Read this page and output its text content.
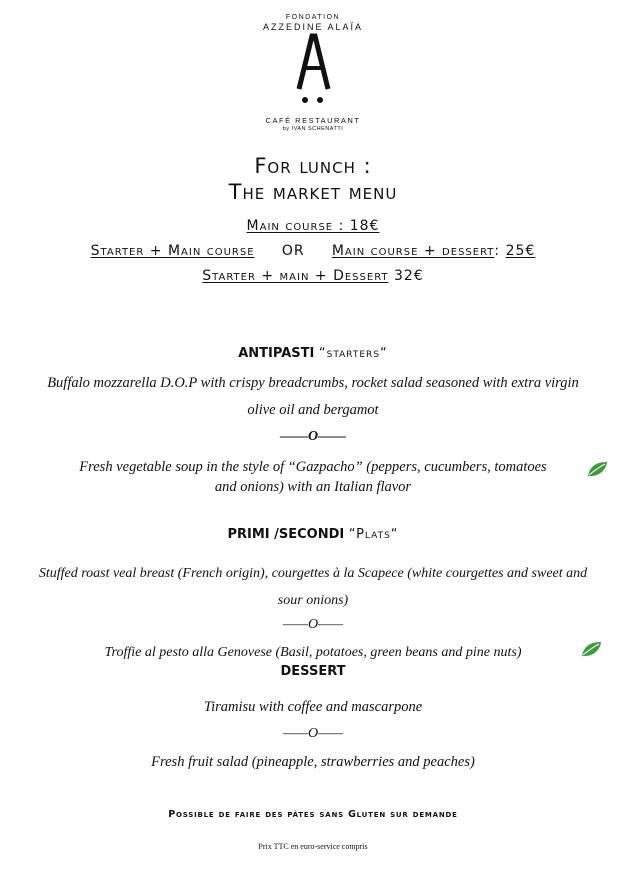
FONDATION
AZZEDINE ALAÏA
CAFÉ RESTAURANT
by IVAN SCHENATTI
For lunch :
The market menu
Main course : 18€
Starter + Main course OR Main course + dessert: 25€
Starter + main + Dessert 32€
ANTIPASTI “starters“
Buffalo mozzarella D.O.P with crispy breadcrumbs, rocket salad seasoned with extra virgin
olive oil and bergamot
——O——
Fresh vegetable soup in the style of “Gazpacho” (peppers, cucumbers, tomatoes
and onions) with an Italian flavor
PRIMI /SECONDI “Plats“
Stuffed roast veal breast (French origin), courgettes à la Scapece (white courgettes and sweet and
sour onions)
——O——
Troffie al pesto alla Genovese (Basil, potatoes, green beans and pine nuts)
DESSERT
Tiramisu with coffee and mascarpone
——O——
Fresh fruit salad (pineapple, strawberries and peaches)
Possible de faire des pâtes sans Gluten sur demande
Prix TTC en euro-service compris
